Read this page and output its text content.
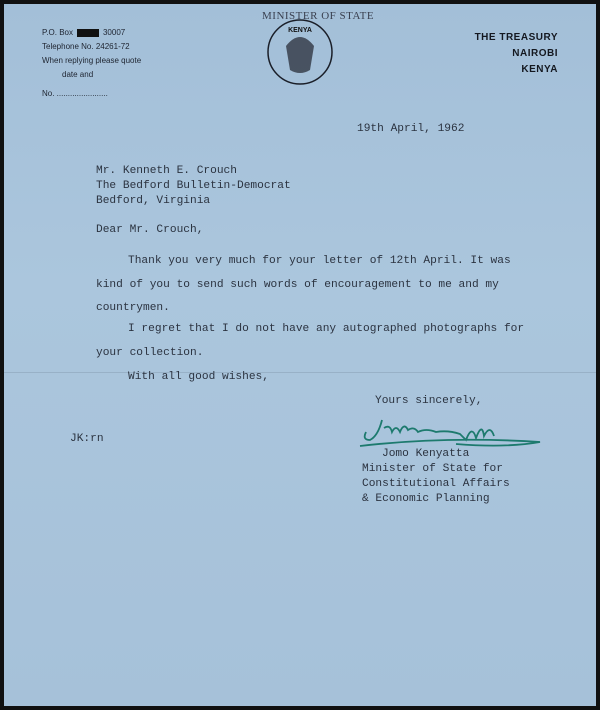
MINISTER OF STATE
KENYA
P.O. Box	30007
Telephone No. 24261-72
When replying please quote
date and
No. .......................
THE TREASURY
NAIROBI
KENYA
19th April, 1962
Mr. Kenneth E. Crouch
The Bedford Bulletin-Democrat
Bedford, Virginia
Dear Mr. Crouch,
Thank you very much for your letter of 12th April. It was
kind of you to send such words of encouragement to me and my
countrymen.
I regret that I do not have any autographed photographs for
your collection.
With all good wishes,
Yours sincerely,
Jomo Kenyatta
Minister of State for
Constitutional Affairs
& Economic Planning
JK:rn
